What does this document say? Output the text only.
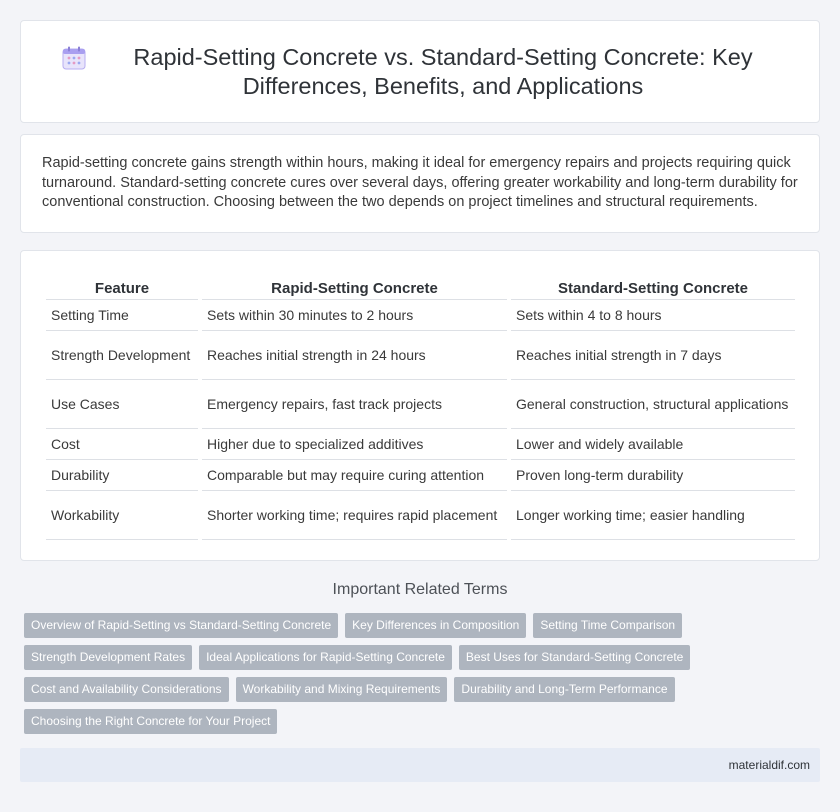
Rapid-Setting Concrete vs. Standard-Setting Concrete: Key Differences, Benefits, and Applications

Rapid-setting concrete gains strength within hours, making it ideal for emergency repairs and projects requiring quick turnaround. Standard-setting concrete cures over several days, offering greater workability and long-term durability for conventional construction. Choosing between the two depends on project timelines and structural requirements.

Feature	Rapid-Setting Concrete	Standard-Setting Concrete
Setting Time	Sets within 30 minutes to 2 hours	Sets within 4 to 8 hours
Strength Development	Reaches initial strength in 24 hours	Reaches initial strength in 7 days
Use Cases	Emergency repairs, fast track projects	General construction, structural applications
Cost	Higher due to specialized additives	Lower and widely available
Durability	Comparable but may require curing attention	Proven long-term durability
Workability	Shorter working time; requires rapid placement	Longer working time; easier handling
Important Related Terms
Overview of Rapid-Setting vs Standard-Setting Concrete	Key Differences in Composition	Setting Time Comparison
Strength Development Rates	Ideal Applications for Rapid-Setting Concrete	Best Uses for Standard-Setting Concrete
Cost and Availability Considerations	Workability and Mixing Requirements	Durability and Long-Term Performance
Choosing the Right Concrete for Your Project
materialdif.com
